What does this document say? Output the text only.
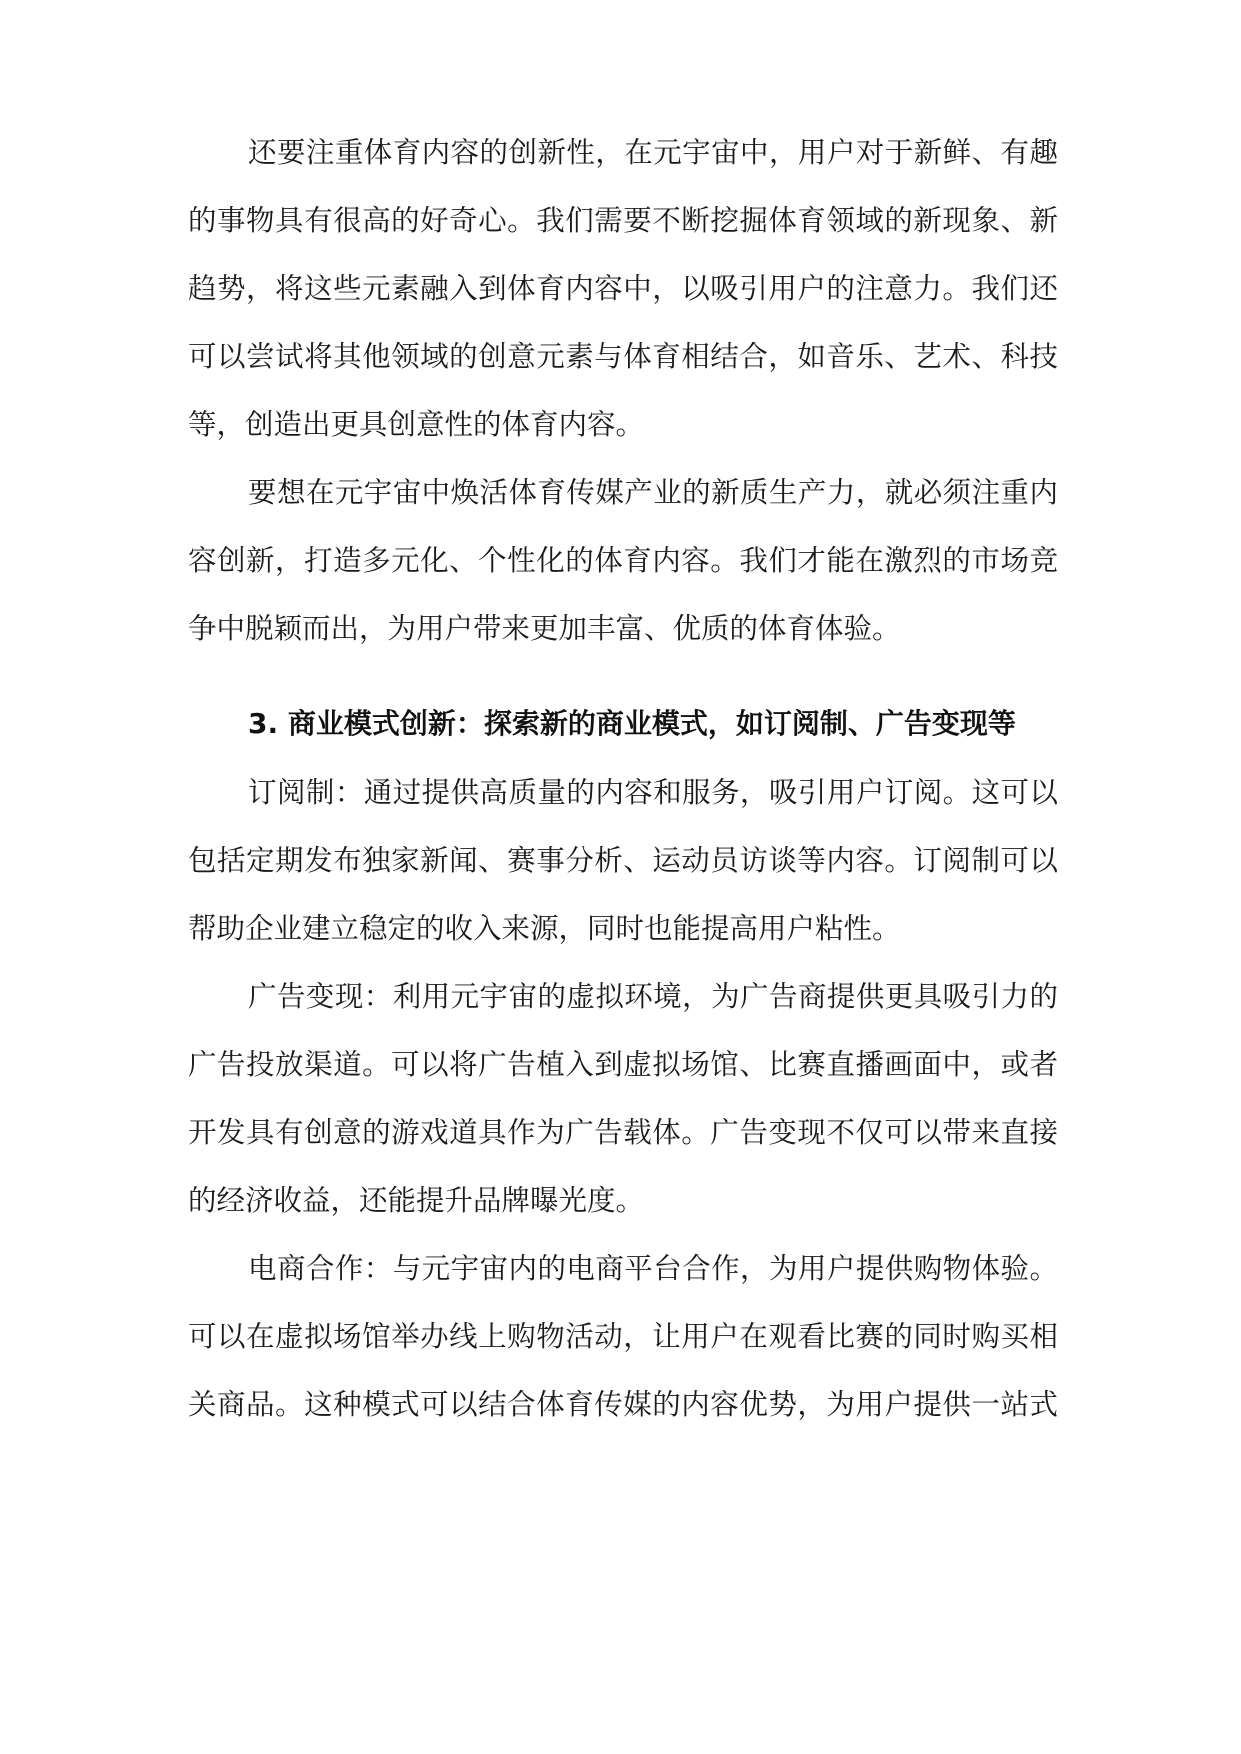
还要注重体育内容的创新性，在元宇宙中，用户对于新鲜、有趣
的事物具有很高的好奇心。我们需要不断挖掘体育领域的新现象、新
趋势，将这些元素融入到体育内容中，以吸引用户的注意力。我们还
可以尝试将其他领域的创意元素与体育相结合，如音乐、艺术、科技
等，创造出更具创意性的体育内容。
要想在元宇宙中焕活体育传媒产业的新质生产力，就必须注重内
容创新，打造多元化、个性化的体育内容。我们才能在激烈的市场竞
争中脱颖而出，为用户带来更加丰富、优质的体育体验。
3. 商业模式创新：探索新的商业模式，如订阅制、广告变现等
订阅制：通过提供高质量的内容和服务，吸引用户订阅。这可以
包括定期发布独家新闻、赛事分析、运动员访谈等内容。订阅制可以
帮助企业建立稳定的收入来源，同时也能提高用户粘性。
广告变现：利用元宇宙的虚拟环境，为广告商提供更具吸引力的
广告投放渠道。可以将广告植入到虚拟场馆、比赛直播画面中，或者
开发具有创意的游戏道具作为广告载体。广告变现不仅可以带来直接
的经济收益，还能提升品牌曝光度。
电商合作：与元宇宙内的电商平台合作，为用户提供购物体验。
可以在虚拟场馆举办线上购物活动，让用户在观看比赛的同时购买相
关商品。这种模式可以结合体育传媒的内容优势，为用户提供一站式
